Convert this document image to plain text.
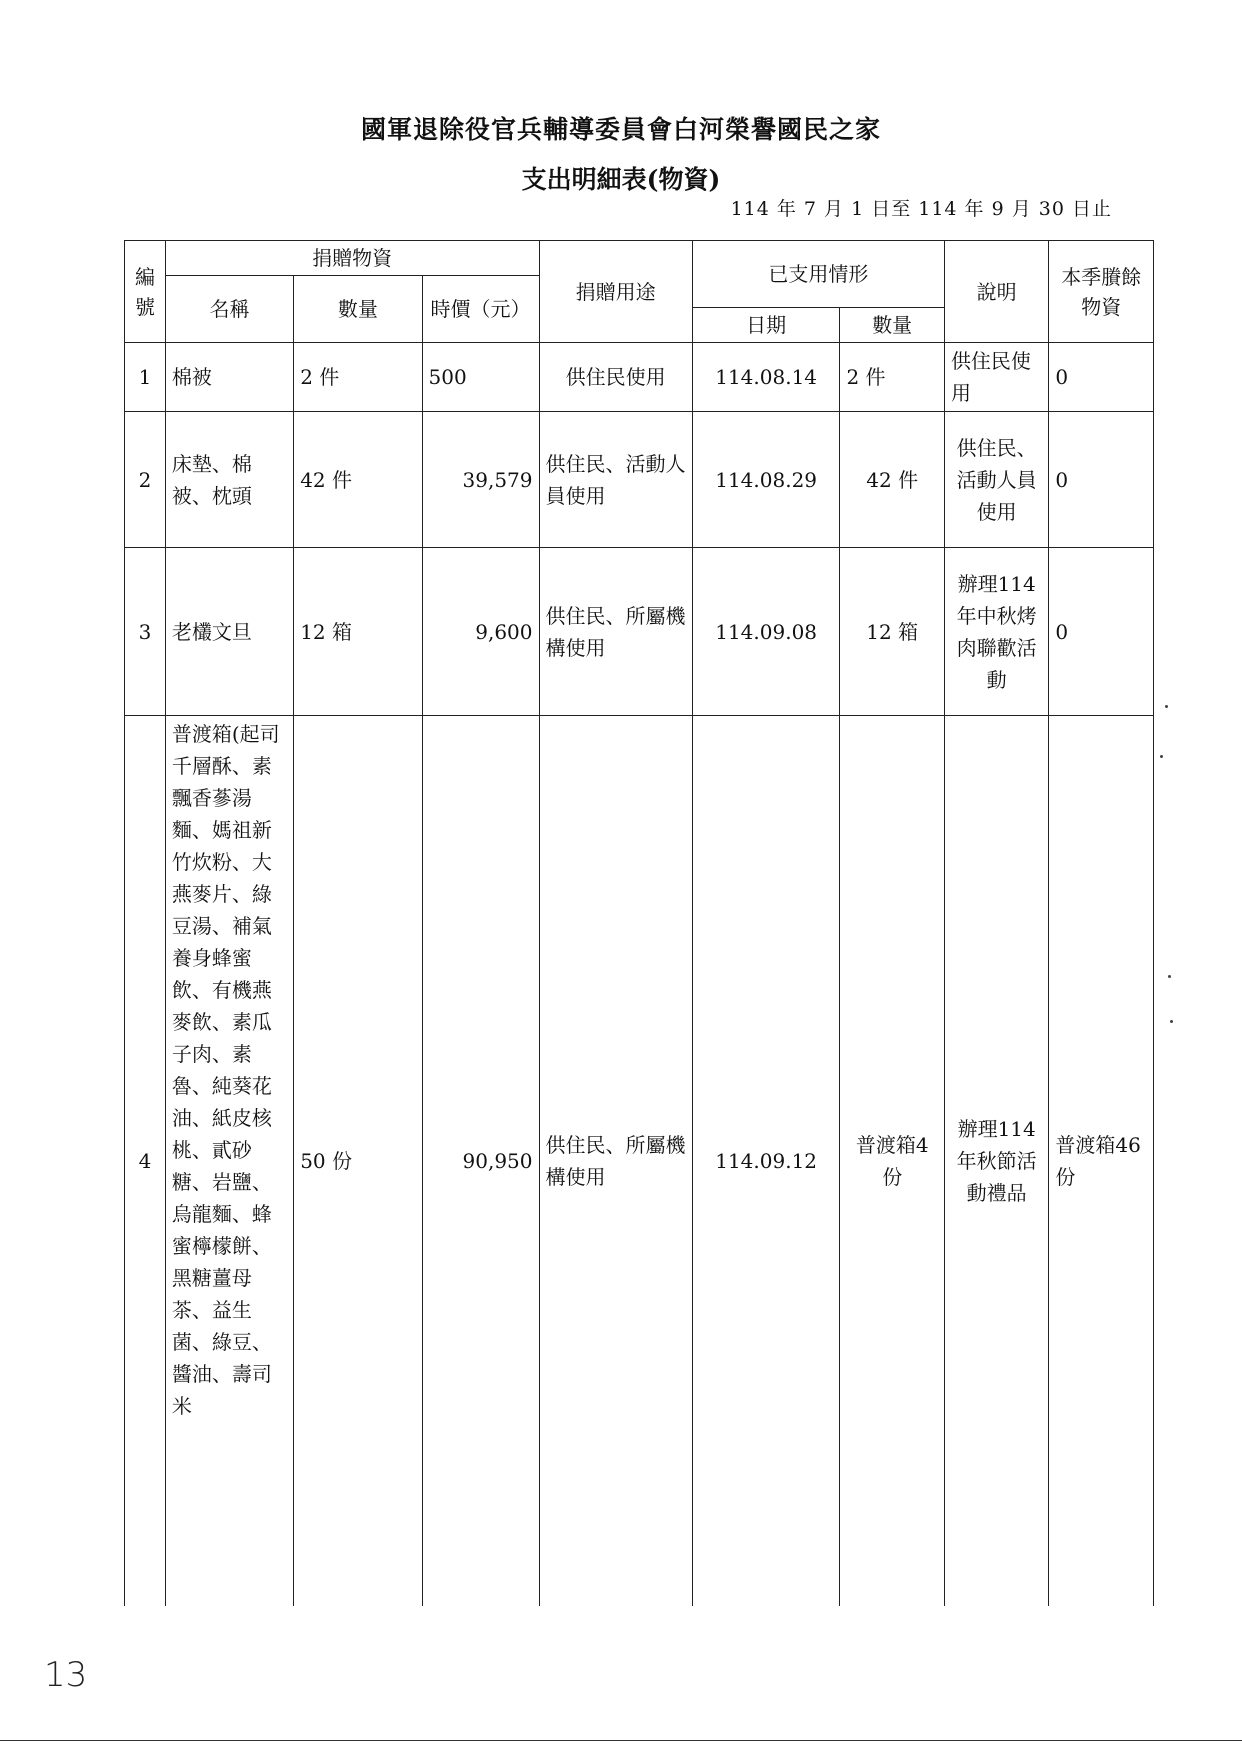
國軍退除役官兵輔導委員會白河榮譽國民之家
支出明細表(物資)
114 年 7 月 1 日至 114 年 9 月 30 日止
編號	捐贈物資			捐贈用途	已支用情形		說明	本季賸餘物資
	名稱	數量	時價（元）					
					日期	數量		
1	棉被	2 件	500	供住民使用	114.08.14	2 件	供住民使用	0
2	床墊、棉被、枕頭	42 件	39,579	供住民、活動人員使用	114.08.29	42 件	供住民、活動人員使用	0
3	老欉文旦	12 箱	9,600	供住民、所屬機構使用	114.09.08	12 箱	辦理114年中秋烤肉聯歡活動	0
4	普渡箱(起司千層酥、素飄香蔘湯麵、媽祖新竹炊粉、大燕麥片、綠豆湯、補氣養身蜂蜜飲、有機燕麥飲、素瓜子肉、素魯、純葵花油、紙皮核桃、貳砂糖、岩鹽、烏龍麵、蜂蜜檸檬餅、黑糖薑母茶、益生菌、綠豆、醬油、壽司米	50 份	90,950	供住民、所屬機構使用	114.09.12	普渡箱4份	辦理114年秋節活動禮品	普渡箱46份
13
